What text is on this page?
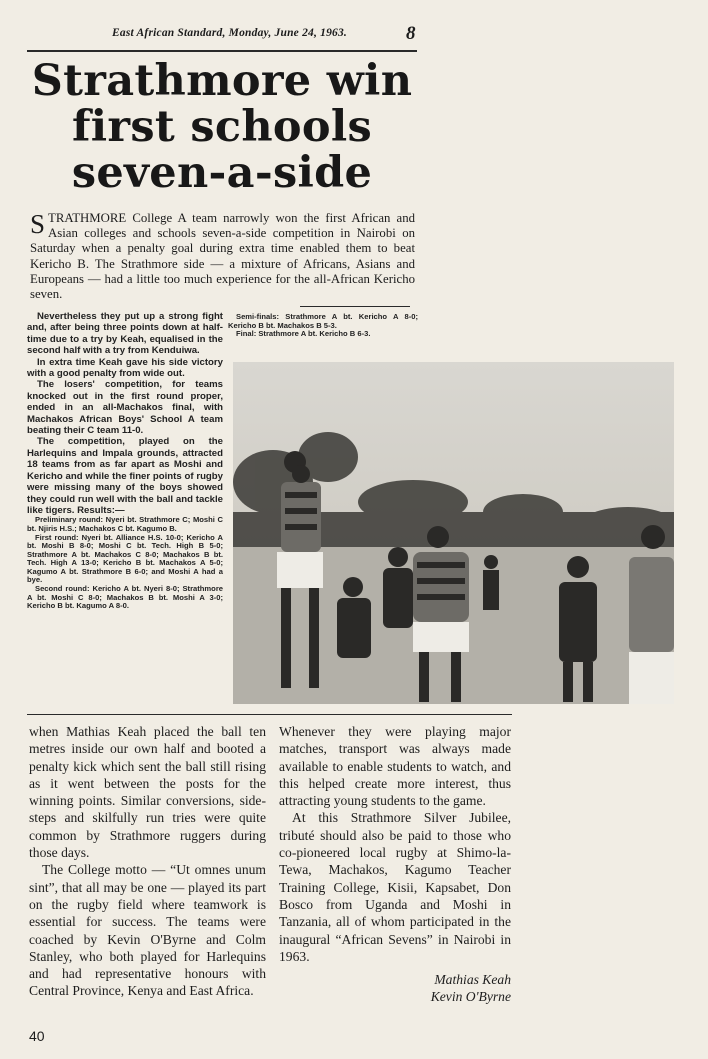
East African Standard, Monday, June 24, 1963.	8
Strathmore win
first schools
seven-a-side
STRATHMORE College A team narrowly won the first African and Asian colleges and schools seven-a-side competition in Nairobi on Saturday when a penalty goal during extra time enabled them to beat Kericho B. The Strathmore side — a mixture of Africans, Asians and Europeans — had a little too much experience for the all-African Kericho seven.

Semi-finals: Strathmore A bt. Kericho A 8-0; Kericho B bt. Machakos B 5-3.

Final: Strathmore A bt. Kericho B 6-3.

Nevertheless they put up a strong fight and, after being three points down at half-time due to a try by Keah, equalised in the second half with a try from Kenduiwa.

In extra time Keah gave his side victory with a good penalty from wide out.

The losers' competition, for teams knocked out in the first round proper, ended in an all-Machakos final, with Machakos African Boys' School A team beating their C team 11-0.

The competition, played on the Harlequins and Impala grounds, attracted 18 teams from as far apart as Moshi and Kericho and while the finer points of rugby were missing many of the boys showed they could run well with the ball and tackle like tigers. Results:—

Preliminary round: Nyeri bt. Strathmore C; Moshi C bt. Njiris H.S.; Machakos C bt. Kagumo B.

First round: Nyeri bt. Alliance H.S. 10-0; Kericho A bt. Moshi B 8-0; Moshi C bt. Tech. High B 5-0; Strathmore A bt. Machakos C 8-0; Machakos B bt. Tech. High A 13-0; Kericho B bt. Machakos A 5-0; Kagumo A bt. Strathmore B 6-0; and Moshi A had a bye.

Second round: Kericho A bt. Nyeri 8-0; Strathmore A bt. Moshi C 8-0; Machakos B bt. Moshi A 3-0; Kericho B bt. Kagumo A 8-0.

when Mathias Keah placed the ball ten metres inside our own half and booted a penalty kick which sent the ball still rising as it went between the posts for the winning points. Similar conversions, side-steps and skilfully run tries were quite common by Strathmore ruggers during those days.

The College motto — “Ut omnes unum sint”, that all may be one — played its part on the rugby field where teamwork is essential for success. The teams were coached by Kevin O'Byrne and Colm Stanley, who both played for Harlequins and had representative honours with Central Province, Kenya and East Africa.

Whenever they were playing major matches, transport was always made available to enable students to watch, and this helped create more interest, thus attracting young students to the game.

At this Strathmore Silver Jubilee, tributé should also be paid to those who co-pioneered local rugby at Shimo-la-Tewa, Machakos, Kagumo Teacher Training College, Kisii, Kapsabet, Don Bosco from Uganda and Moshi in Tanzania, all of whom participated in the inaugural “African Sevens” in Nairobi in 1963.

Mathias Keah
Kevin O'Byrne
40
